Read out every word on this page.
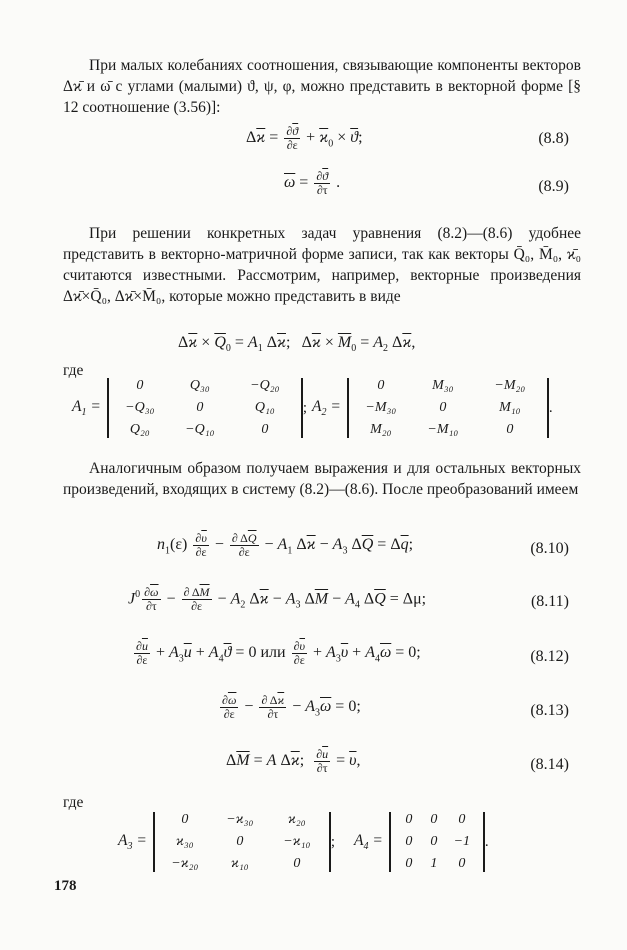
При малых колебаниях соотношения, связывающие компоненты векторов Δϰ̄ и ω̄ с углами (малыми) ϑ, ψ, φ, можно представить в векторной форме [§ 12 соотношение (3.56)]:
$\Delta\overline{ϰ} = \frac{\partial\overline{ϑ}}{\partial\varepsilon} + \overline{ϰ}_0 \times \overline{ϑ}$;	(8.8)
$\overline{\omega} = \frac{\partial\overline{ϑ}}{\partial\tau}$ .	(8.9)
При решении конкретных задач уравнения (8.2)—(8.6) удобнее представить в векторно-матричной форме записи, так как векторы Q̄₀, M̄₀, ϰ̄₀ считаются известными. Рассмотрим, например, векторные произведения Δϰ̄×Q̄₀, Δϰ̄×M̄₀, которые можно представить в виде
$\Delta\overline{ϰ} \times \overline{Q}_0 = A_1$ $\Delta\overline{ϰ}$;   $\Delta\overline{ϰ} \times \overline{M}_0 = A_2$ $\Delta\overline{ϰ}$,
где
$A_1$ =
0	Q₃₀	−Q₂₀
−Q₃₀	0	Q₁₀
Q₂₀	−Q₁₀	0
; $A_2$ =
0	M₃₀	−M₂₀
−M₃₀	0	M₁₀
M₂₀	−M₁₀	0
.
Аналогичным образом получаем выражения и для остальных векторных произведений, входящих в систему (8.2)—(8.6). После преобразований имеем
$n_1(\varepsilon) \frac{\partial\overline{\upsilon}}{\partial\varepsilon} - \frac{\partial \Delta\overline{Q}}{\partial\varepsilon} - A_1$ $\Delta\overline{ϰ} - A_3$ $\Delta\overline{Q} = \Delta\overline{q}$;	(8.10)
$J^0 \frac{\partial\overline{\omega}}{\partial\tau} - \frac{\partial \Delta\overline{M}}{\partial\varepsilon} - A_2$ $\Delta\overline{ϰ} - A_3$ $\Delta\overline{M} - A_4$ $\Delta\overline{Q} = \Delta\mu$;	(8.11)
$\frac{\partial\overline{u}}{\partial\varepsilon} + A_3\overline{u} + A_4\overline{ϑ} = 0$ или $\frac{\partial\overline{\upsilon}}{\partial\varepsilon} + A_3\overline{\upsilon} + A_4\overline{\omega} = 0$;	(8.12)
$\frac{\partial\overline{\omega}}{\partial\varepsilon} - \frac{\partial \Delta\overline{ϰ}}{\partial\tau} - A_3\overline{\omega} = 0$;	(8.13)
$\Delta\overline{M} = A$ $\Delta\overline{ϰ}$; $\frac{\partial\overline{u}}{\partial\tau} = \overline{\upsilon}$,	(8.14)
где
$A_3$ =
0	−ϰ₃₀	ϰ₂₀
ϰ₃₀	0	−ϰ₁₀
−ϰ₂₀	ϰ₁₀	0
; $A_4$ =
0	0	0
0	0	−1
0	1	0
.
178
